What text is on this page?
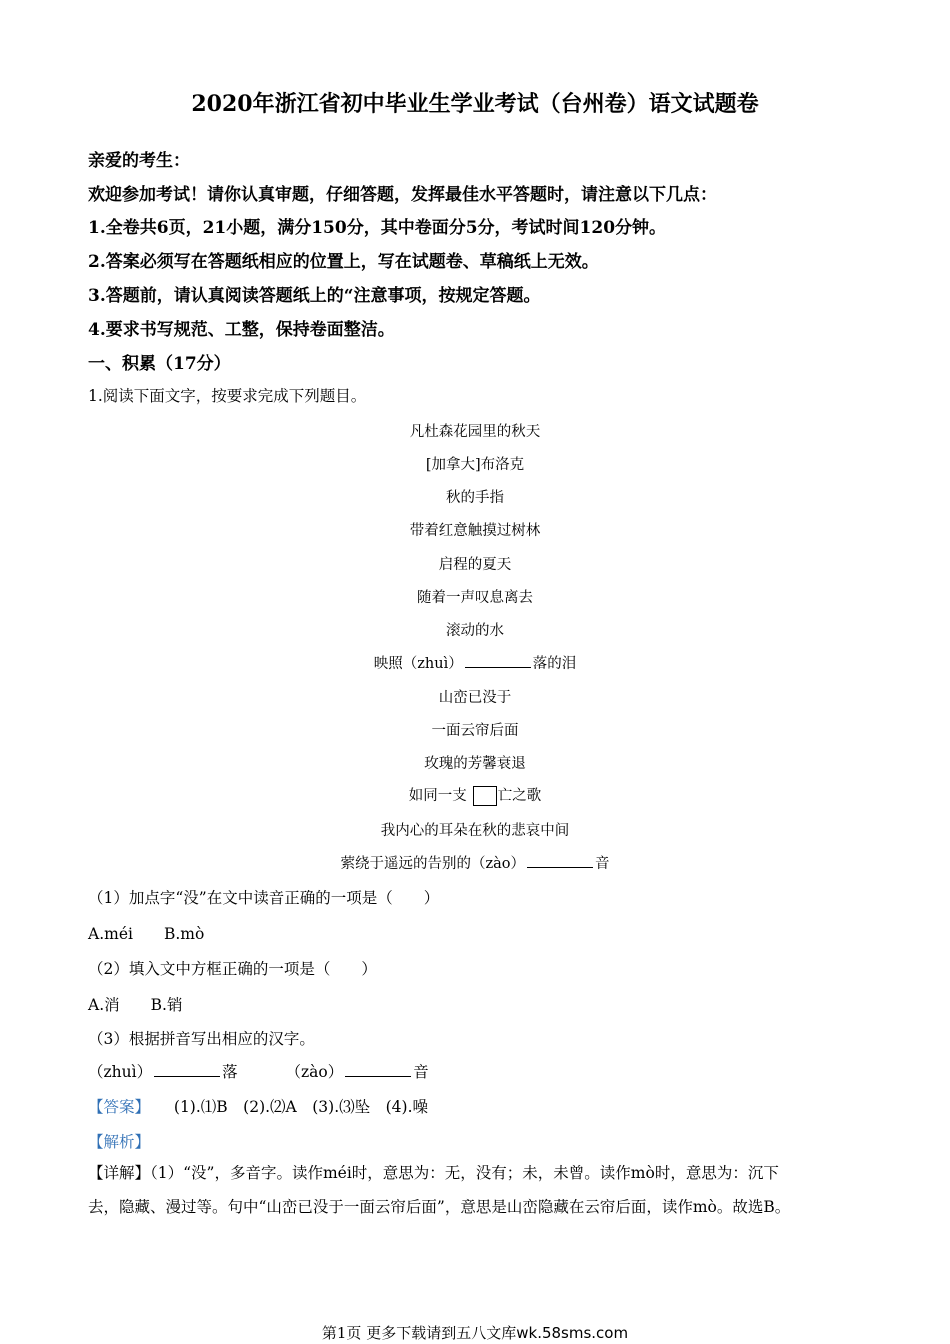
2020年浙江省初中毕业生学业考试（台州卷）语文试题卷
亲爱的考生：
欢迎参加考试！请你认真审题，仔细答题，发挥最佳水平答题时，请注意以下几点：
1.全卷共6页，21小题，满分150分，其中卷面分5分，考试时间120分钟。
2.答案必须写在答题纸相应的位置上，写在试题卷、草稿纸上无效。
3.答题前，请认真阅读答题纸上的“注意事项，按规定答题。
4.要求书写规范、工整，保持卷面整洁。
一、积累（17分）
1.阅读下面文字，按要求完成下列题目。
凡杜森花园里的秋天
[加拿大]布洛克
秋的手指
带着红意触摸过树林
启程的夏天
随着一声叹息离去
滚动的水
映照（zhuì）	落的泪
山峦已没于
一面云帘后面
玫瑰的芳馨衰退
如同一支 亡之歌
我内心的耳朵在秋的悲哀中间
萦绕于遥远的告别的（zào）	音
（1）加点字“没”在文中读音正确的一项是（　　）
A.méi　　B.mò
（2）填入文中方框正确的一项是（　　）
A.消　　B.销
（3）根据拼音写出相应的汉字。
（zhuì）	落	（zào）	音
【答案】 (1).⑴B　(2).⑵A　(3).⑶坠　(4).噪
【解析】
【详解】（1）“没”，多音字。读作méi时，意思为：无，没有；未，未曾。读作mò时，意思为：沉下
去，隐藏、漫过等。句中“山峦已没于一面云帘后面”，意思是山峦隐藏在云帘后面，读作mò。故选B。
第1页 更多下载请到五八文库wk.58sms.com
